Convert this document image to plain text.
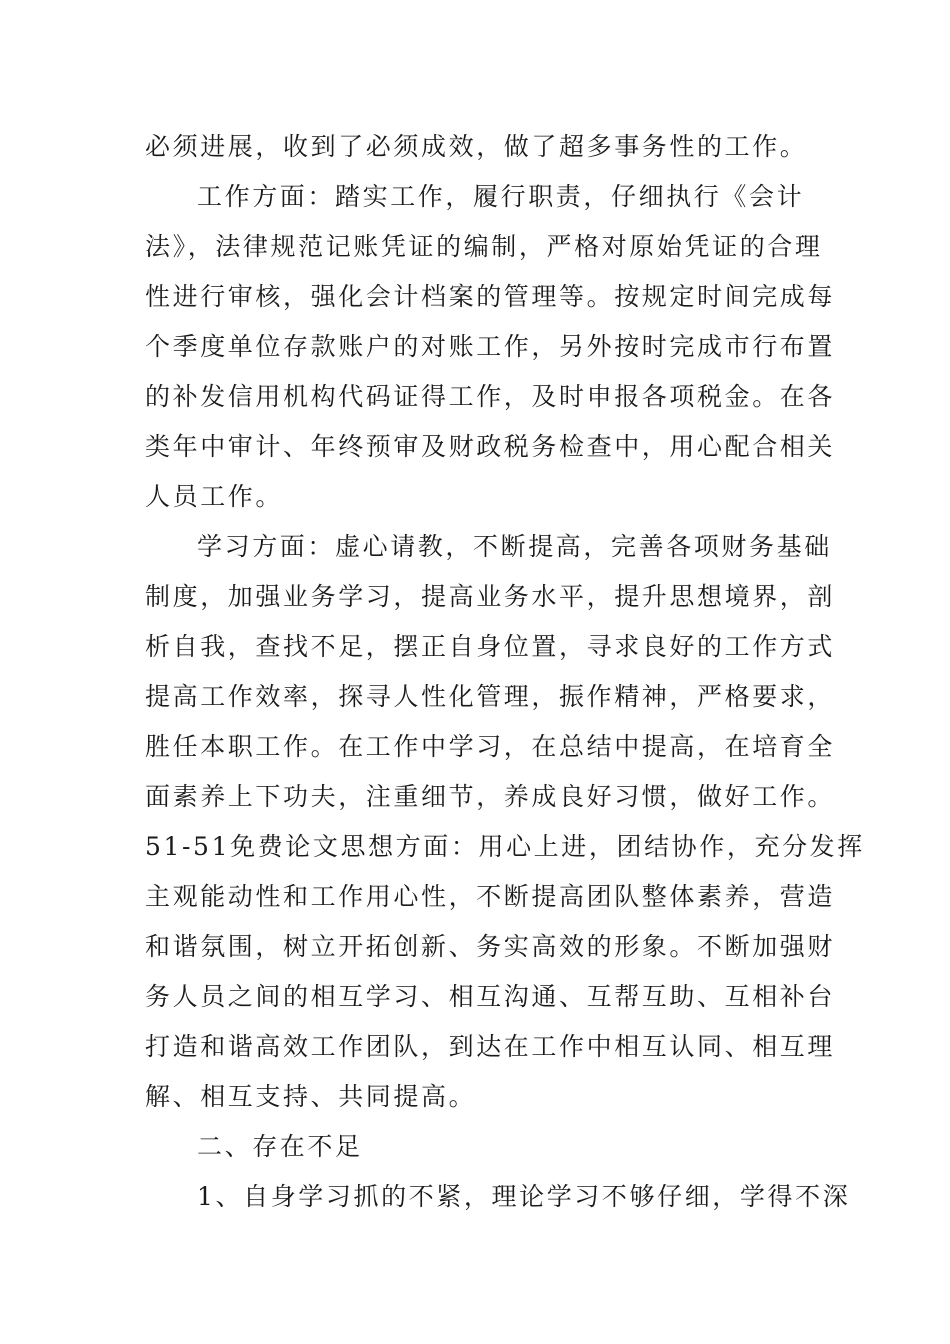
必须进展，收到了必须成效，做了超多事务性的工作。
工作方面：踏实工作，履行职责，仔细执行《会计
法》，法律规范记账凭证的编制，严格对原始凭证的合理
性进行审核，强化会计档案的管理等。按规定时间完成每
个季度单位存款账户的对账工作，另外按时完成市行布置
的补发信用机构代码证得工作，及时申报各项税金。在各
类年中审计、年终预审及财政税务检查中，用心配合相关
人员工作。
学习方面：虚心请教，不断提高，完善各项财务基础
制度，加强业务学习，提高业务水平，提升思想境界，剖
析自我，查找不足，摆正自身位置，寻求良好的工作方式
提高工作效率，探寻人性化管理，振作精神，严格要求，
胜任本职工作。在工作中学习，在总结中提高，在培育全
面素养上下功夫，注重细节，养成良好习惯，做好工作。
51-51免费论文思想方面：用心上进，团结协作，充分发挥
主观能动性和工作用心性，不断提高团队整体素养，营造
和谐氛围，树立开拓创新、务实高效的形象。不断加强财
务人员之间的相互学习、相互沟通、互帮互助、互相补台
打造和谐高效工作团队，到达在工作中相互认同、相互理
解、相互支持、共同提高。
二、存在不足
1、自身学习抓的不紧，理论学习不够仔细，学得不深
